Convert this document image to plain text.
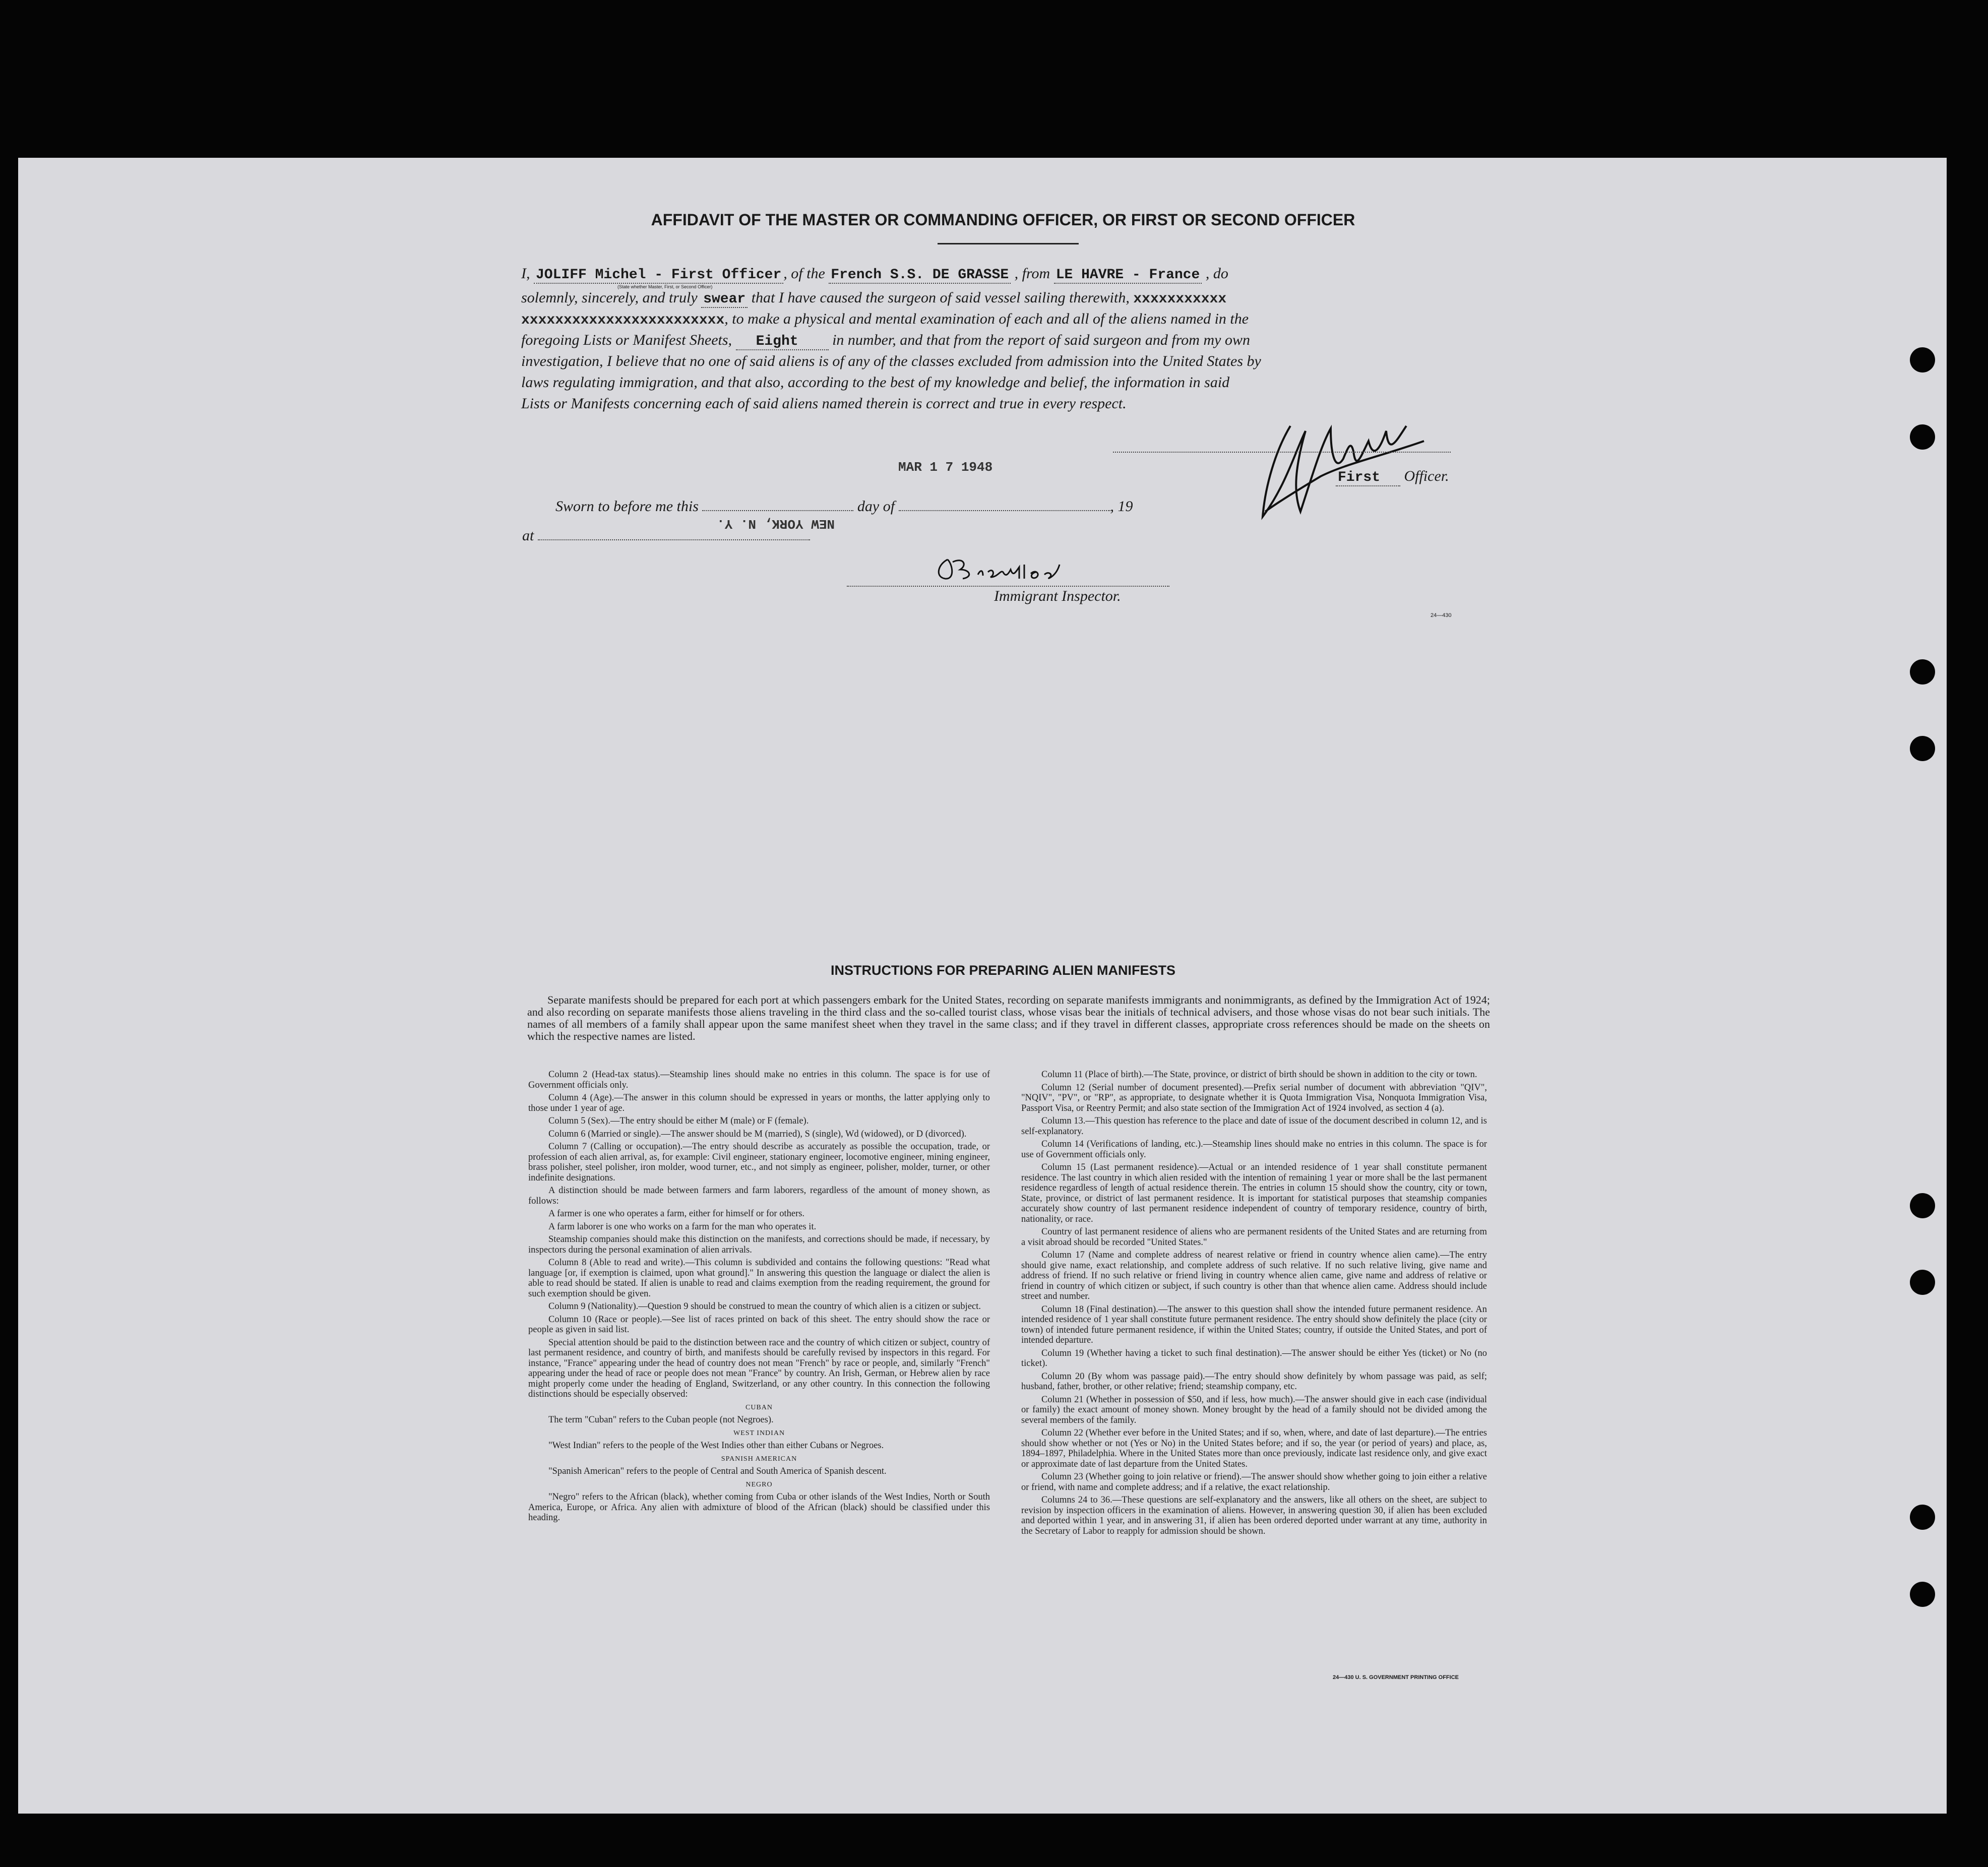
AFFIDAVIT OF THE MASTER OR COMMANDING OFFICER, OR FIRST OR SECOND OFFICER
I, JOLIFF Michel - First Officer , of the French S.S. DE GRASSE , from LE HAVRE - France , do
(State whether Master, First, or Second Officer)
solemnly, sincerely, and truly swear that I have caused the surgeon of said vessel sailing therewith, xxxxxxxxxxx
xxxxxxxxxxxxxxxxxxxxxxxx, to make a physical and mental examination of each and all of the aliens named in the
foregoing Lists or Manifest Sheets, Eight in number, and that from the report of said surgeon and from my own
investigation, I believe that no one of said aliens is of any of the classes excluded from admission into the United States by
laws regulating immigration, and that also, according to the best of my knowledge and belief, the information in said
Lists or Manifests concerning each of said aliens named therein is correct and true in every respect.
First Officer.
MAR 1 7 1948
Sworn to before me this	day of	, 19
NEW YORK, N. Y.
at
Immigrant Inspector.
24—430
INSTRUCTIONS FOR PREPARING ALIEN MANIFESTS
Separate manifests should be prepared for each port at which passengers embark for the United States, recording on separate manifests immigrants and nonimmigrants, as defined by the Immigration Act of 1924; and also recording on separate manifests those aliens traveling in the third class and the so-called tourist class, whose visas bear the initials of technical advisers, and those whose visas do not bear such initials. The names of all members of a family shall appear upon the same manifest sheet when they travel in the same class; and if they travel in different classes, appropriate cross references should be made on the sheets on which the respective names are listed.

Column 2 (Head-tax status).—Steamship lines should make no entries in this column. The space is for use of Government officials only.

Column 4 (Age).—The answer in this column should be expressed in years or months, the latter applying only to those under 1 year of age.

Column 5 (Sex).—The entry should be either M (male) or F (female).

Column 6 (Married or single).—The answer should be M (married), S (single), Wd (widowed), or D (divorced).

Column 7 (Calling or occupation).—The entry should describe as accurately as possible the occupation, trade, or profession of each alien arrival, as, for example: Civil engineer, stationary engineer, locomotive engineer, mining engineer, brass polisher, steel polisher, iron molder, wood turner, etc., and not simply as engineer, polisher, molder, turner, or other indefinite designations.

A distinction should be made between farmers and farm laborers, regardless of the amount of money shown, as follows:

A farmer is one who operates a farm, either for himself or for others.

A farm laborer is one who works on a farm for the man who operates it.

Steamship companies should make this distinction on the manifests, and corrections should be made, if necessary, by inspectors during the personal examination of alien arrivals.

Column 8 (Able to read and write).—This column is subdivided and contains the following questions: "Read what language [or, if exemption is claimed, upon what ground]." In answering this question the language or dialect the alien is able to read should be stated. If alien is unable to read and claims exemption from the reading requirement, the ground for such exemption should be given.

Column 9 (Nationality).—Question 9 should be construed to mean the country of which alien is a citizen or subject.

Column 10 (Race or people).—See list of races printed on back of this sheet. The entry should show the race or people as given in said list.

Special attention should be paid to the distinction between race and the country of which citizen or subject, country of last permanent residence, and country of birth, and manifests should be carefully revised by inspectors in this regard. For instance, "France" appearing under the head of country does not mean "French" by race or people, and, similarly "French" appearing under the head of race or people does not mean "France" by country. An Irish, German, or Hebrew alien by race might properly come under the heading of England, Switzerland, or any other country. In this connection the following distinctions should be especially observed:

CUBAN

The term "Cuban" refers to the Cuban people (not Negroes).

WEST INDIAN

"West Indian" refers to the people of the West Indies other than either Cubans or Negroes.

SPANISH AMERICAN

"Spanish American" refers to the people of Central and South America of Spanish descent.

NEGRO

"Negro" refers to the African (black), whether coming from Cuba or other islands of the West Indies, North or South America, Europe, or Africa. Any alien with admixture of blood of the African (black) should be classified under this heading.

Column 11 (Place of birth).—The State, province, or district of birth should be shown in addition to the city or town.

Column 12 (Serial number of document presented).—Prefix serial number of document with abbreviation "QIV", "NQIV", "PV", or "RP", as appropriate, to designate whether it is Quota Immigration Visa, Nonquota Immigration Visa, Passport Visa, or Reentry Permit; and also state section of the Immigration Act of 1924 involved, as section 4 (a).

Column 13.—This question has reference to the place and date of issue of the document described in column 12, and is self-explanatory.

Column 14 (Verifications of landing, etc.).—Steamship lines should make no entries in this column. The space is for use of Government officials only.

Column 15 (Last permanent residence).—Actual or an intended residence of 1 year shall constitute permanent residence. The last country in which alien resided with the intention of remaining 1 year or more shall be the last permanent residence regardless of length of actual residence therein. The entries in column 15 should show the country, city or town, State, province, or district of last permanent residence. It is important for statistical purposes that steamship companies accurately show country of last permanent residence independent of country of temporary residence, country of birth, nationality, or race.

Country of last permanent residence of aliens who are permanent residents of the United States and are returning from a visit abroad should be recorded "United States."

Column 17 (Name and complete address of nearest relative or friend in country whence alien came).—The entry should give name, exact relationship, and complete address of such relative. If no such relative living, give name and address of friend. If no such relative or friend living in country whence alien came, give name and address of relative or friend in country of which citizen or subject, if such country is other than that whence alien came. Address should include street and number.

Column 18 (Final destination).—The answer to this question shall show the intended future permanent residence. An intended residence of 1 year shall constitute future permanent residence. The entry should show definitely the place (city or town) of intended future permanent residence, if within the United States; country, if outside the United States, and port of intended departure.

Column 19 (Whether having a ticket to such final destination).—The answer should be either Yes (ticket) or No (no ticket).

Column 20 (By whom was passage paid).—The entry should show definitely by whom passage was paid, as self; husband, father, brother, or other relative; friend; steamship company, etc.

Column 21 (Whether in possession of $50, and if less, how much).—The answer should give in each case (individual or family) the exact amount of money shown. Money brought by the head of a family should not be divided among the several members of the family.

Column 22 (Whether ever before in the United States; and if so, when, where, and date of last departure).—The entries should show whether or not (Yes or No) in the United States before; and if so, the year (or period of years) and place, as, 1894–1897, Philadelphia. Where in the United States more than once previously, indicate last residence only, and give exact or approximate date of last departure from the United States.

Column 23 (Whether going to join relative or friend).—The answer should show whether going to join either a relative or friend, with name and complete address; and if a relative, the exact relationship.

Columns 24 to 36.—These questions are self-explanatory and the answers, like all others on the sheet, are subject to revision by inspection officers in the examination of aliens. However, in answering question 30, if alien has been excluded and deported within 1 year, and in answering 31, if alien has been ordered deported under warrant at any time, authority in the Secretary of Labor to reapply for admission should be shown.

24—430 U. S. GOVERNMENT PRINTING OFFICE
